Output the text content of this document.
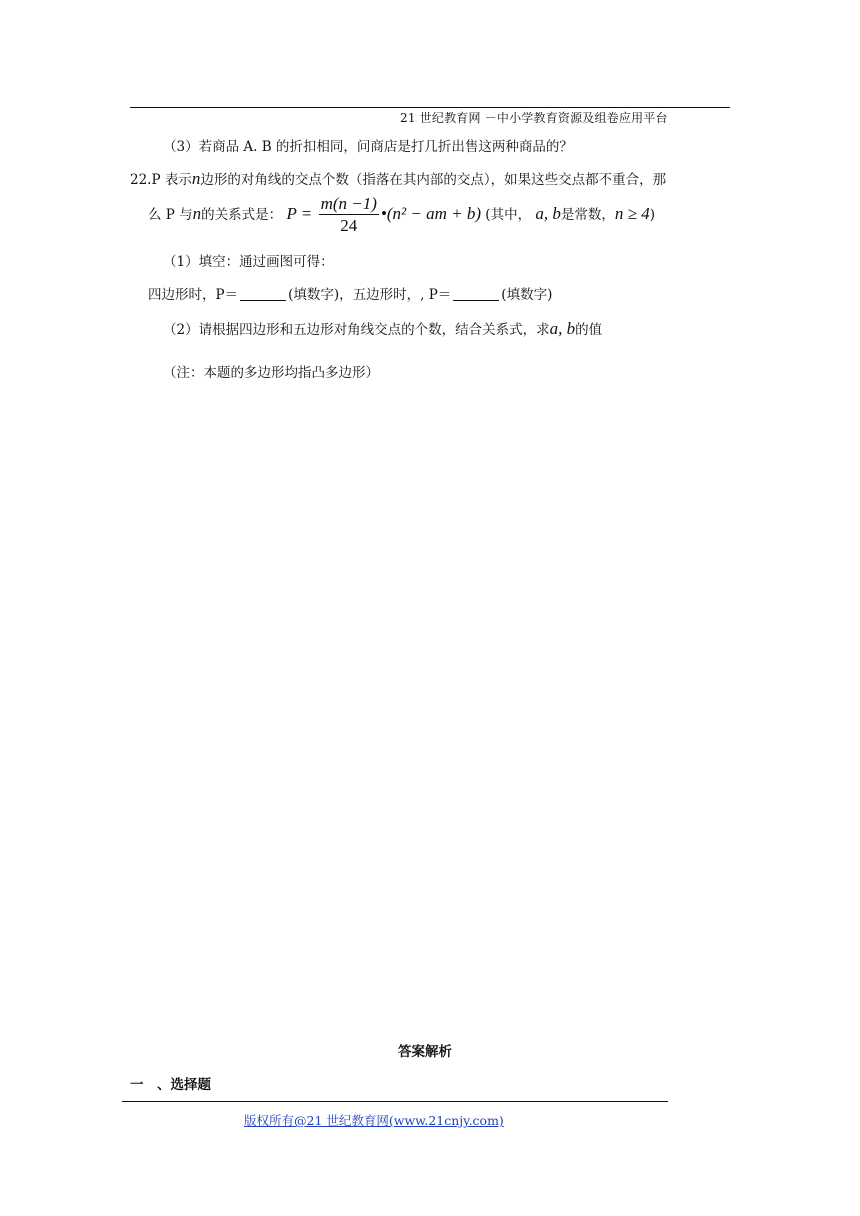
21 世纪教育网 －中小学教育资源及组卷应用平台
（3）若商品 A. B 的折扣相同，问商店是打几折出售这两种商品的？
22.P 表示n边形的对角线的交点个数（指落在其内部的交点），如果这些交点都不重合，那
么 P 与n的关系式是： $P = \frac{m(n -1)}{24}$ •(n² − am + b) (其中， a, b是常数，n ≥ 4)
（1）填空：通过画图可得：
四边形时，P＝	(填数字)，五边形时，, P＝	(填数字)
（2）请根据四边形和五边形对角线交点的个数，结合关系式，求a, b的值
（注：本题的多边形均指凸多边形）
答案解析
一　、选择题
版权所有@21 世纪教育网(www.21cnjy.com)
